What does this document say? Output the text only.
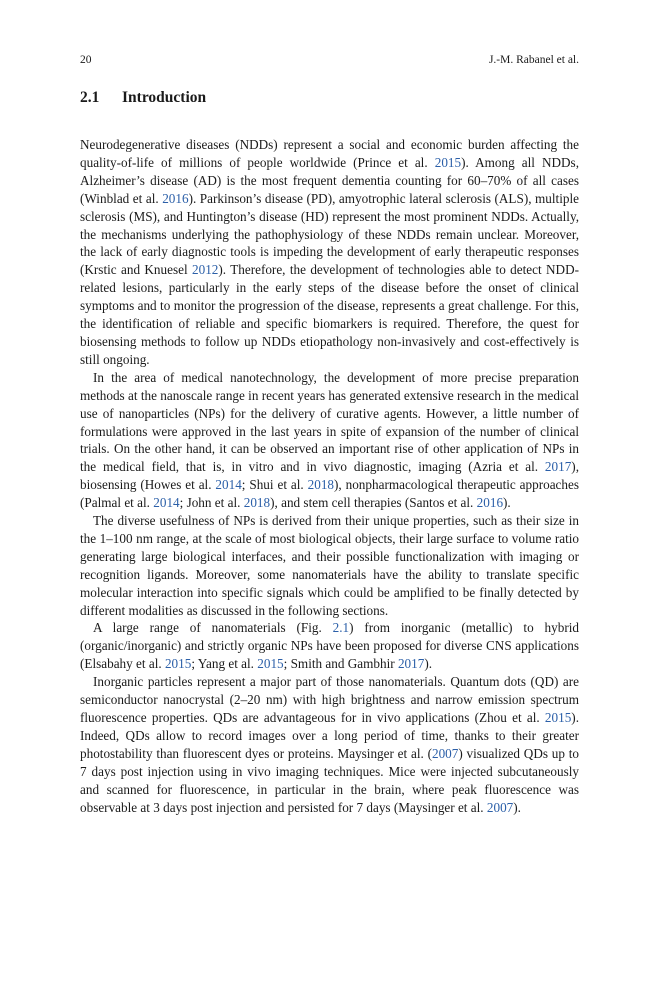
20	J.-M. Rabanel et al.
2.1 Introduction

Neurodegenerative diseases (NDDs) represent a social and economic burden affecting the quality-of-life of millions of people worldwide (Prince et al. 2015). Among all NDDs, Alzheimer’s disease (AD) is the most frequent dementia counting for 60–70% of all cases (Winblad et al. 2016). Parkinson’s disease (PD), amyotrophic lateral sclerosis (ALS), multiple sclerosis (MS), and Huntington’s disease (HD) represent the most prominent NDDs. Actually, the mechanisms underlying the pathophysiology of these NDDs remain unclear. Moreover, the lack of early diagnostic tools is impeding the development of early therapeutic responses (Krstic and Knuesel 2012). Therefore, the development of technologies able to detect NDD-related lesions, particularly in the early steps of the disease before the onset of clinical symptoms and to monitor the progression of the disease, represents a great challenge. For this, the identification of reliable and specific biomarkers is required. Therefore, the quest for biosensing methods to follow up NDDs etiopathology non-invasively and cost-effectively is still ongoing.

In the area of medical nanotechnology, the development of more precise preparation methods at the nanoscale range in recent years has generated extensive research in the medical use of nanoparticles (NPs) for the delivery of curative agents. However, a little number of formulations were approved in the last years in spite of expansion of the number of clinical trials. On the other hand, it can be observed an important rise of other application of NPs in the medical field, that is, in vitro and in vivo diagnostic, imaging (Azria et al. 2017), biosensing (Howes et al. 2014; Shui et al. 2018), nonpharmacological therapeutic approaches (Palmal et al. 2014; John et al. 2018), and stem cell therapies (Santos et al. 2016).

The diverse usefulness of NPs is derived from their unique properties, such as their size in the 1–100 nm range, at the scale of most biological objects, their large surface to volume ratio generating large biological interfaces, and their possible functionalization with imaging or recognition ligands. Moreover, some nanomaterials have the ability to translate specific molecular interaction into specific signals which could be amplified to be finally detected by different modalities as discussed in the following sections.

A large range of nanomaterials (Fig. 2.1) from inorganic (metallic) to hybrid (organic/inorganic) and strictly organic NPs have been proposed for diverse CNS applications (Elsabahy et al. 2015; Yang et al. 2015; Smith and Gambhir 2017).

Inorganic particles represent a major part of those nanomaterials. Quantum dots (QD) are semiconductor nanocrystal (2–20 nm) with high brightness and narrow emission spectrum fluorescence properties. QDs are advantageous for in vivo applications (Zhou et al. 2015). Indeed, QDs allow to record images over a long period of time, thanks to their greater photostability than fluorescent dyes or proteins. Maysinger et al. (2007) visualized QDs up to 7 days post injection using in vivo imaging techniques. Mice were injected subcutaneously and scanned for fluorescence, in particular in the brain, where peak fluorescence was observable at 3 days post injection and persisted for 7 days (Maysinger et al. 2007).
